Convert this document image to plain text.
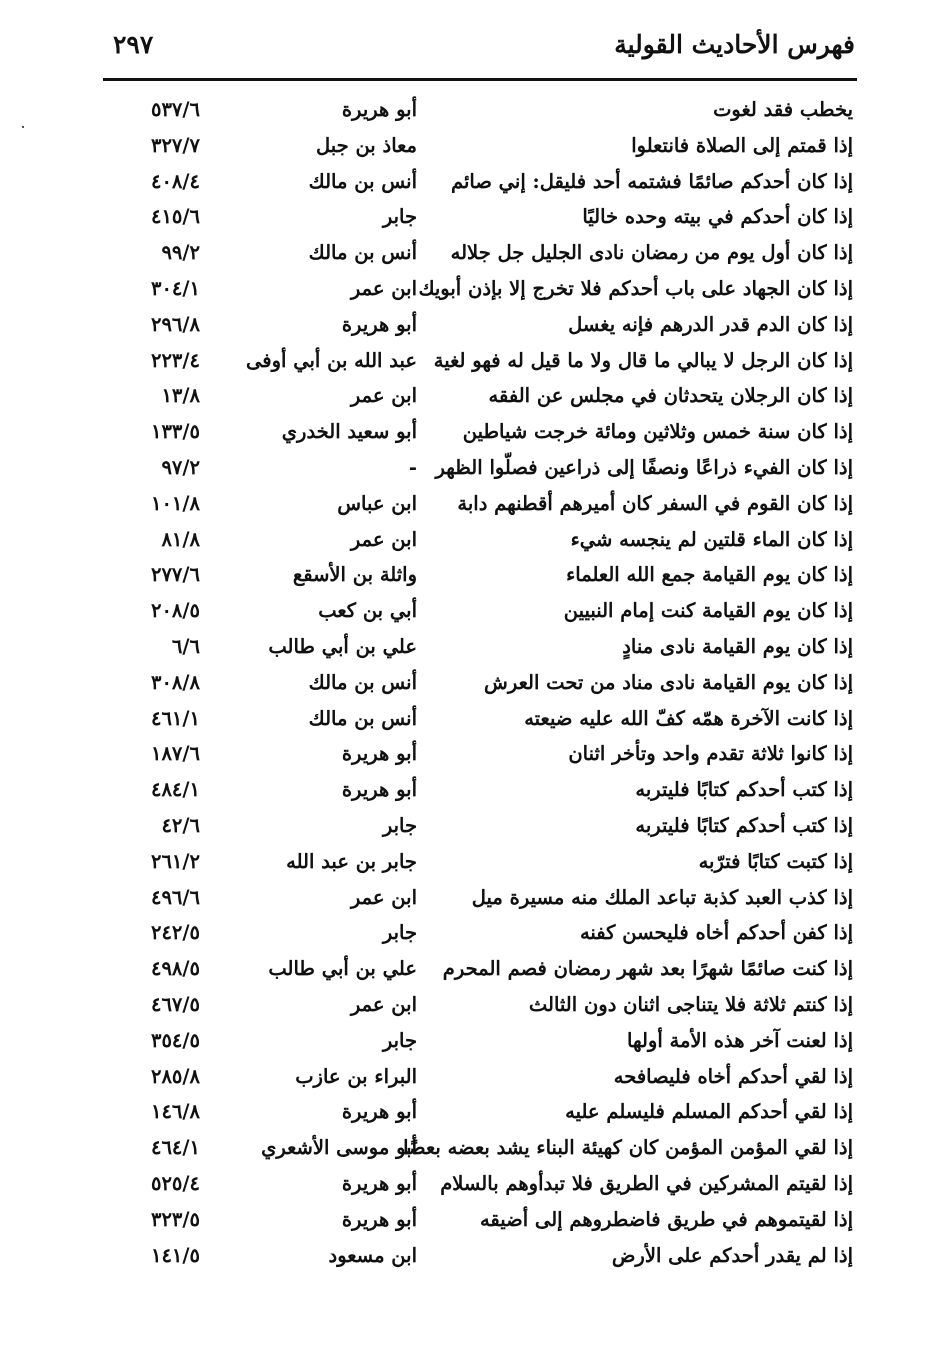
فهرس الأحاديث القولية
٢٩٧
يخطب فقد لغوت
أبو هريرة
٥٣٧/٦
إذا قمتم إلى الصلاة فانتعلوا
معاذ بن جبل
٣٢٧/٧
إذا كان أحدكم صائمًا فشتمه أحد فليقل: إني صائم
أنس بن مالك
٤٠٨/٤
إذا كان أحدكم في بيته وحده خاليًا
جابر
٤١٥/٦
إذا كان أول يوم من رمضان نادى الجليل جل جلاله
أنس بن مالك
٩٩/٢
إذا كان الجهاد على باب أحدكم فلا تخرج إلا بإذن أبويك
ابن عمر
٣٠٤/١
إذا كان الدم قدر الدرهم فإنه يغسل
أبو هريرة
٢٩٦/٨
إذا كان الرجل لا يبالي ما قال ولا ما قيل له فهو لغية
عبد الله بن أبي أوفى
٢٢٣/٤
إذا كان الرجلان يتحدثان في مجلس عن الفقه
ابن عمر
١٣/٨
إذا كان سنة خمس وثلاثين ومائة خرجت شياطين
أبو سعيد الخدري
١٣٣/٥
إذا كان الفيء ذراعًا ونصفًا إلى ذراعين فصلّوا الظهر
-
٩٧/٢
إذا كان القوم في السفر كان أميرهم أقطنهم دابة
ابن عباس
١٠١/٨
إذا كان الماء قلتين لم ينجسه شيء
ابن عمر
٨١/٨
إذا كان يوم القيامة جمع الله العلماء
واثلة بن الأسقع
٢٧٧/٦
إذا كان يوم القيامة كنت إمام النبيين
أبي بن كعب
٢٠٨/٥
إذا كان يوم القيامة نادى منادٍ
علي بن أبي طالب
٦/٦
إذا كان يوم القيامة نادى مناد من تحت العرش
أنس بن مالك
٣٠٨/٨
إذا كانت الآخرة همّه كفّ الله عليه ضيعته
أنس بن مالك
٤٦١/١
إذا كانوا ثلاثة تقدم واحد وتأخر اثنان
أبو هريرة
١٨٧/٦
إذا كتب أحدكم كتابًا فليتربه
أبو هريرة
٤٨٤/١
إذا كتب أحدكم كتابًا فليتربه
جابر
٤٢/٦
إذا كتبت كتابًا فترّبه
جابر بن عبد الله
٢٦١/٢
إذا كذب العبد كذبة تباعد الملك منه مسيرة ميل
ابن عمر
٤٩٦/٦
إذا كفن أحدكم أخاه فليحسن كفنه
جابر
٢٤٢/٥
إذا كنت صائمًا شهرًا بعد شهر رمضان فصم المحرم
علي بن أبي طالب
٤٩٨/٥
إذا كنتم ثلاثة فلا يتناجى اثنان دون الثالث
ابن عمر
٤٦٧/٥
إذا لعنت آخر هذه الأمة أولها
جابر
٣٥٤/٥
إذا لقي أحدكم أخاه فليصافحه
البراء بن عازب
٢٨٥/٨
إذا لقي أحدكم المسلم فليسلم عليه
أبو هريرة
١٤٦/٨
إذا لقي المؤمن المؤمن كان كهيئة البناء يشد بعضه بعضًا
أبو موسى الأشعري
٤٦٤/١
إذا لقيتم المشركين في الطريق فلا تبدأوهم بالسلام
أبو هريرة
٥٢٥/٤
إذا لقيتموهم في طريق فاضطروهم إلى أضيقه
أبو هريرة
٣٢٣/٥
إذا لم يقدر أحدكم على الأرض
ابن مسعود
١٤١/٥
